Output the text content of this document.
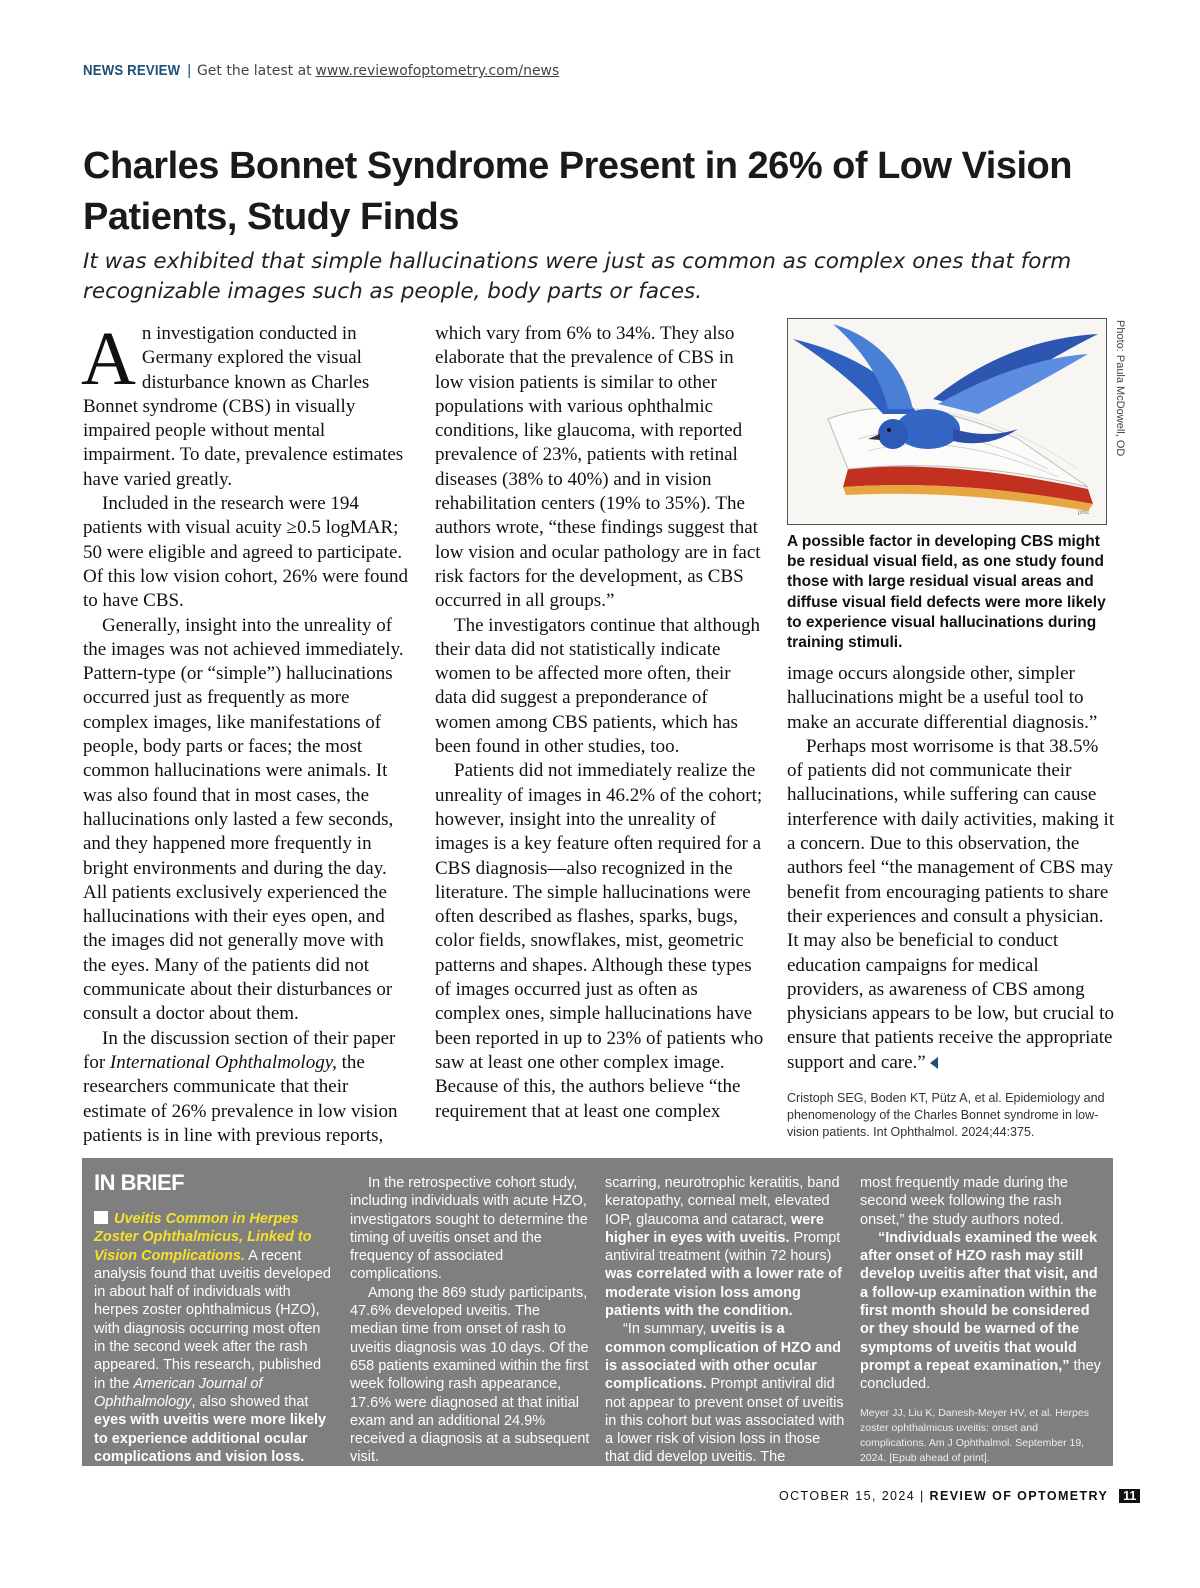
NEWS REVIEW | Get the latest at www.reviewofoptometry.com/news
Charles Bonnet Syndrome Present in 26% of Low Vision Patients, Study Finds

It was exhibited that simple hallucinations were just as common as complex ones that form recognizable images such as people, body parts or faces.

An investigation conducted in Germany explored the visual disturbance known as Charles Bonnet syndrome (CBS) in visually impaired people without mental impairment. To date, prevalence estimates have varied greatly.

Included in the research were 194 patients with visual acuity ≥0.5 logMAR; 50 were eligible and agreed to participate. Of this low vision cohort, 26% were found to have CBS.

Generally, insight into the unreality of the images was not achieved immediately. Pattern-type (or “simple”) hallucinations occurred just as frequently as more complex images, like manifestations of people, body parts or faces; the most common hallucinations were animals. It was also found that in most cases, the hallucinations only lasted a few seconds, and they happened more frequently in bright environments and during the day. All patients exclusively experienced the hallucinations with their eyes open, and the images did not generally move with the eyes. Many of the patients did not communicate about their disturbances or consult a doctor about them.

In the discussion section of their paper for International Ophthalmology, the researchers communicate that their estimate of 26% prevalence in low vision patients is in line with previous reports,

which vary from 6% to 34%. They also elaborate that the prevalence of CBS in low vision patients is similar to other populations with various ophthalmic conditions, like glaucoma, with reported prevalence of 23%, patients with retinal diseases (38% to 40%) and in vision rehabilitation centers (19% to 35%). The authors wrote, “these findings suggest that low vision and ocular pathology are in fact risk factors for the development, as CBS occurred in all groups.”

The investigators continue that although their data did not statistically indicate women to be affected more often, their data did suggest a preponderance of women among CBS patients, which has been found in other studies, too.

Patients did not immediately realize the unreality of images in 46.2% of the cohort; however, insight into the unreality of images is a key feature often required for a CBS diagnosis—also recognized in the literature. The simple hallucinations were often described as flashes, sparks, bugs, color fields, snowflakes, mist, geometric patterns and shapes. Although these types of images occurred just as often as complex ones, simple hallucinations have been reported in up to 23% of patients who saw at least one other complex image. Because of this, the authors believe “the requirement that at least one complex

pmc
Photo: Paula McDowell, OD

A possible factor in developing CBS might be residual visual field, as one study found those with large residual visual areas and diffuse visual field defects were more likely to experience visual hallucinations during training stimuli.

image occurs alongside other, simpler hallucinations might be a useful tool to make an accurate differential diagnosis.”

Perhaps most worrisome is that 38.5% of patients did not communicate their hallucinations, while suffering can cause interference with daily activities, making it a concern. Due to this observation, the authors feel “the management of CBS may benefit from encouraging patients to share their experiences and consult a physician. It may also be beneficial to conduct education campaigns for medical providers, as awareness of CBS among physicians appears to be low, but crucial to ensure that patients receive the appropriate support and care.”

Cristoph SEG, Boden KT, Pütz A, et al. Epidemiology and phenomenology of the Charles Bonnet syndrome in low-vision patients. Int Ophthalmol. 2024;44:375.

IN BRIEF

Uveitis Common in Herpes Zoster Ophthalmicus, Linked to Vision Complications. A recent analysis found that uveitis developed in about half of individuals with herpes zoster ophthalmicus (HZO), with diagnosis occurring most often in the second week after the rash appeared. This research, published in the American Journal of Ophthalmology, also showed that eyes with uveitis were more likely to experience additional ocular complications and vision loss.

In the retrospective cohort study, including individuals with acute HZO, investigators sought to determine the timing of uveitis onset and the frequency of associated complications.

Among the 869 study participants, 47.6% developed uveitis. The median time from onset of rash to uveitis diagnosis was 10 days. Of the 658 patients examined within the first week following rash appearance, 17.6% were diagnosed at that initial exam and an additional 24.9% received a diagnosis at a subsequent visit.

Complications, including moderate or severe vision loss, corneal

scarring, neurotrophic keratitis, band keratopathy, corneal melt, elevated IOP, glaucoma and cataract, were higher in eyes with uveitis. Prompt antiviral treatment (within 72 hours) was correlated with a lower rate of moderate vision loss among patients with the condition.

“In summary, uveitis is a common complication of HZO and is associated with other ocular complications. Prompt antiviral did not appear to prevent onset of uveitis in this cohort but was associated with a lower risk of vision loss in those that did develop uveitis. The diagnosis of uveitis was

most frequently made during the second week following the rash onset,” the study authors noted.

“Individuals examined the week after onset of HZO rash may still develop uveitis after that visit, and a follow-up examination within the first month should be considered or they should be warned of the symptoms of uveitis that would prompt a repeat examination,” they concluded.

Meyer JJ, Liu K, Danesh-Meyer HV, et al. Herpes zoster ophthalmicus uveitis: onset and complications. Am J Ophthalmol. September 19, 2024. [Epub ahead of print].

OCTOBER 15, 2024 | REVIEW OF OPTOMETRY 11
